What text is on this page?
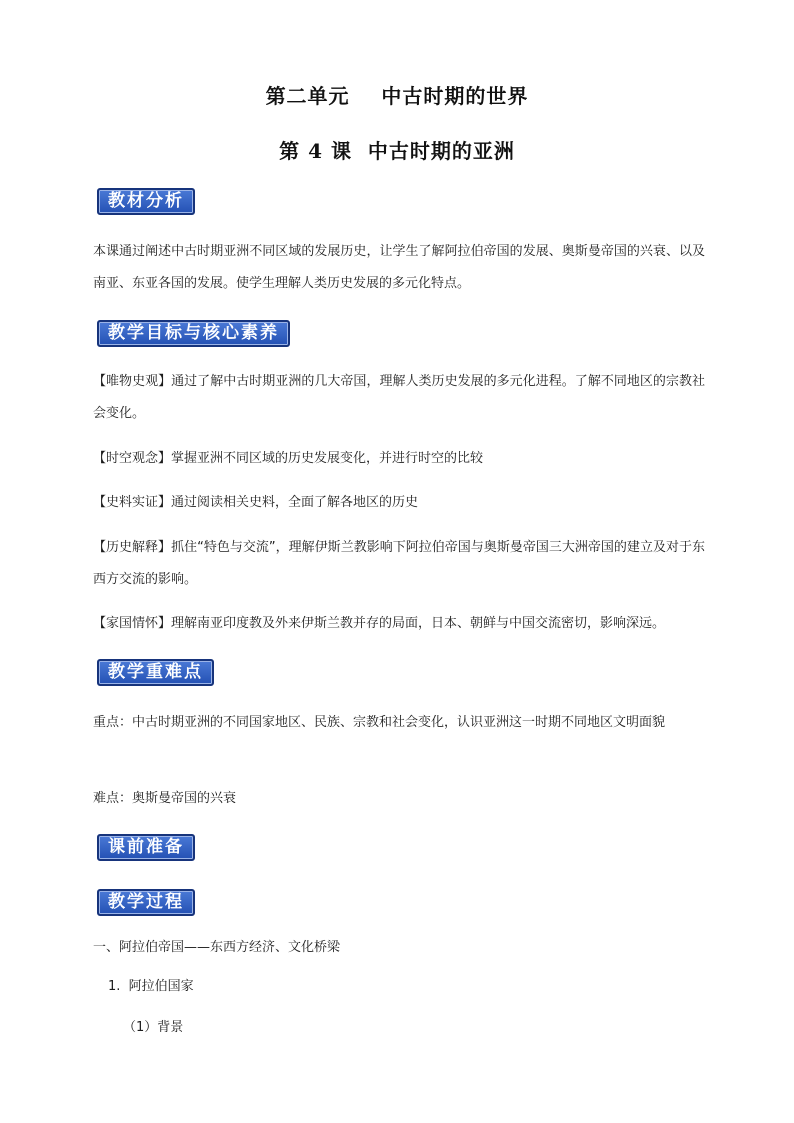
第二单元    中古时期的世界
第 4 课  中古时期的亚洲
教材分析
本课通过阐述中古时期亚洲不同区域的发展历史，让学生了解阿拉伯帝国的发展、奥斯曼帝国的兴衰、以及南亚、东亚各国的发展。使学生理解人类历史发展的多元化特点。
教学目标与核心素养
【唯物史观】通过了解中古时期亚洲的几大帝国，理解人类历史发展的多元化进程。了解不同地区的宗教社会变化。
【时空观念】掌握亚洲不同区域的历史发展变化，并进行时空的比较
【史料实证】通过阅读相关史料，全面了解各地区的历史
【历史解释】抓住“特色与交流”，理解伊斯兰教影响下阿拉伯帝国与奥斯曼帝国三大洲帝国的建立及对于东西方交流的影响。
【家国情怀】理解南亚印度教及外来伊斯兰教并存的局面，日本、朝鲜与中国交流密切，影响深远。
教学重难点
重点：中古时期亚洲的不同国家地区、民族、宗教和社会变化，认识亚洲这一时期不同地区文明面貌
难点：奥斯曼帝国的兴衰
课前准备
教学过程
一、阿拉伯帝国——东西方经济、文化桥梁
1.  阿拉伯国家
（1）背景
